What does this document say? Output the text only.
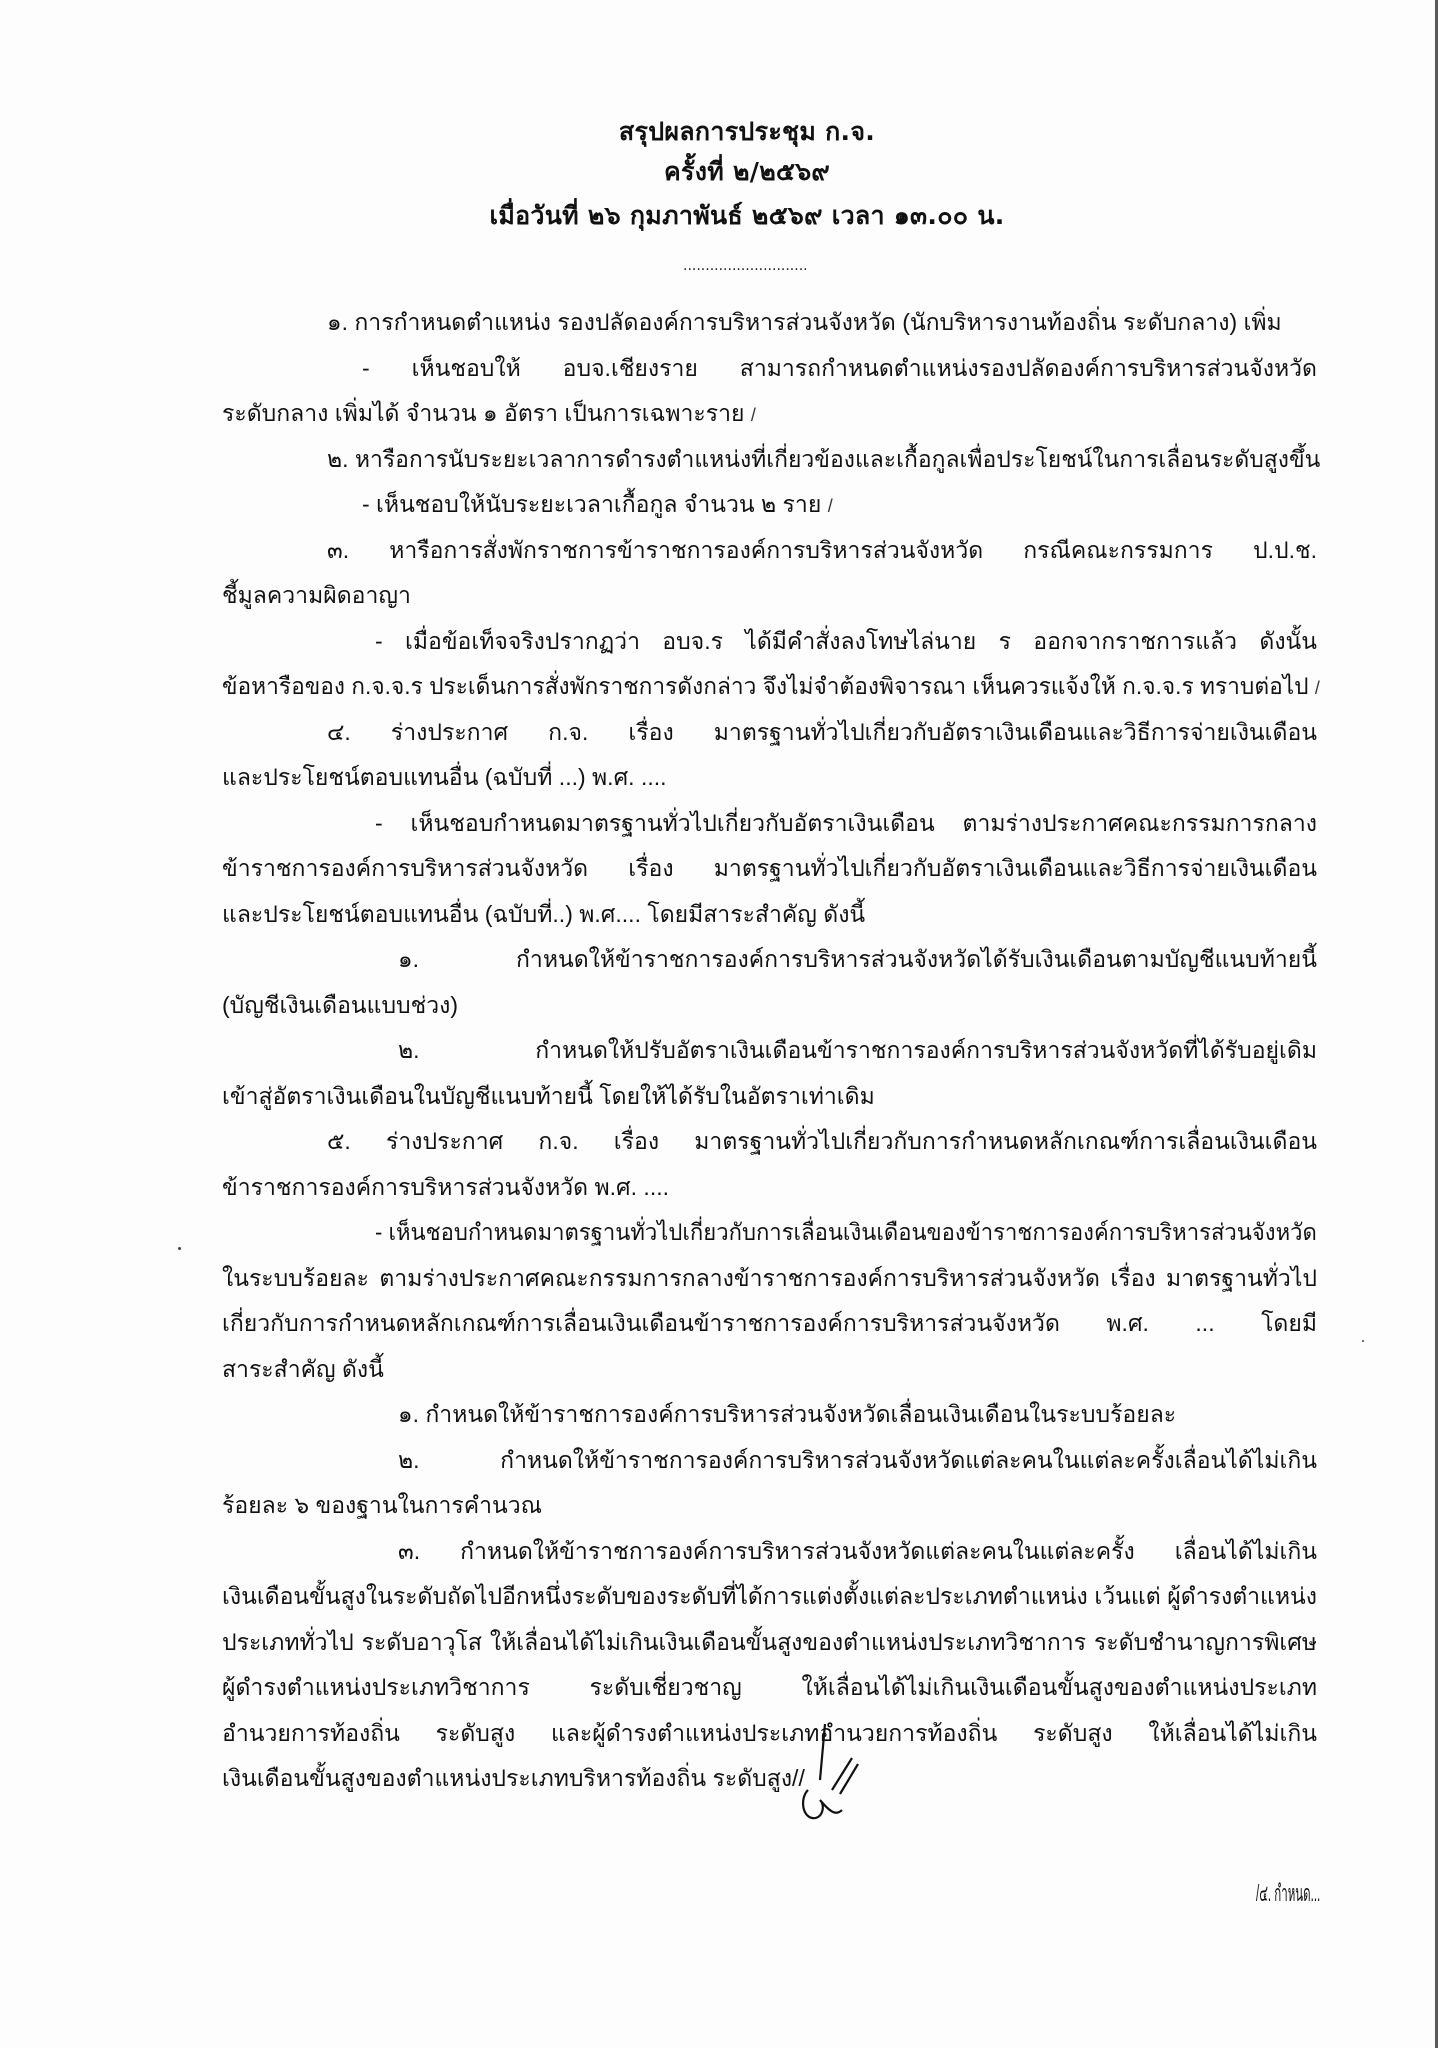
สรุปผลการประชุม ก.จ.
ครั้งที่ ๒/๒๕๖๙
เมื่อวันที่ ๒๖ กุมภาพันธ์ ๒๕๖๙ เวลา ๑๓.๐๐ น.
............................
๑. การกำหนดตำแหน่ง รองปลัดองค์การบริหารส่วนจังหวัด (นักบริหารงานท้องถิ่น ระดับกลาง) เพิ่ม
- เห็นชอบให้ อบจ.เชียงราย สามารถกำหนดตำแหน่งรองปลัดองค์การบริหารส่วนจังหวัด
ระดับกลาง เพิ่มได้ จำนวน ๑ อัตรา เป็นการเฉพาะราย /
๒. หารือการนับระยะเวลาการดำรงตำแหน่งที่เกี่ยวข้องและเกื้อกูลเพื่อประโยชน์ในการเลื่อนระดับสูงขึ้น
- เห็นชอบให้นับระยะเวลาเกื้อกูล จำนวน ๒ ราย /
๓. หารือการสั่งพักราชการข้าราชการองค์การบริหารส่วนจังหวัด กรณีคณะกรรมการ ป.ป.ช.
ชี้มูลความผิดอาญา
- เมื่อข้อเท็จจริงปรากฏว่า อบจ.ร ได้มีคำสั่งลงโทษไล่นาย ร ออกจากราชการแล้ว ดังนั้น
ข้อหารือของ ก.จ.จ.ร ประเด็นการสั่งพักราชการดังกล่าว จึงไม่จำต้องพิจารณา เห็นควรแจ้งให้ ก.จ.จ.ร ทราบต่อไป /
๔. ร่างประกาศ ก.จ. เรื่อง มาตรฐานทั่วไปเกี่ยวกับอัตราเงินเดือนและวิธีการจ่ายเงินเดือน
และประโยชน์ตอบแทนอื่น (ฉบับที่ ...) พ.ศ. ....
- เห็นชอบกำหนดมาตรฐานทั่วไปเกี่ยวกับอัตราเงินเดือน ตามร่างประกาศคณะกรรมการกลาง
ข้าราชการองค์การบริหารส่วนจังหวัด เรื่อง มาตรฐานทั่วไปเกี่ยวกับอัตราเงินเดือนและวิธีการจ่ายเงินเดือน
และประโยชน์ตอบแทนอื่น (ฉบับที่..) พ.ศ.... โดยมีสาระสำคัญ ดังนี้
๑. กำหนดให้ข้าราชการองค์การบริหารส่วนจังหวัดได้รับเงินเดือนตามบัญชีแนบท้ายนี้
(บัญชีเงินเดือนแบบช่วง)
๒. กำหนดให้ปรับอัตราเงินเดือนข้าราชการองค์การบริหารส่วนจังหวัดที่ได้รับอยู่เดิม
เข้าสู่อัตราเงินเดือนในบัญชีแนบท้ายนี้ โดยให้ได้รับในอัตราเท่าเดิม
๕. ร่างประกาศ ก.จ. เรื่อง มาตรฐานทั่วไปเกี่ยวกับการกำหนดหลักเกณฑ์การเลื่อนเงินเดือน
ข้าราชการองค์การบริหารส่วนจังหวัด พ.ศ. ....
- เห็นชอบกำหนดมาตรฐานทั่วไปเกี่ยวกับการเลื่อนเงินเดือนของข้าราชการองค์การบริหารส่วนจังหวัด
ในระบบร้อยละ ตามร่างประกาศคณะกรรมการกลางข้าราชการองค์การบริหารส่วนจังหวัด เรื่อง มาตรฐานทั่วไป
เกี่ยวกับการกำหนดหลักเกณฑ์การเลื่อนเงินเดือนข้าราชการองค์การบริหารส่วนจังหวัด พ.ศ. ... โดยมี
สาระสำคัญ ดังนี้
๑. กำหนดให้ข้าราชการองค์การบริหารส่วนจังหวัดเลื่อนเงินเดือนในระบบร้อยละ
๒. กำหนดให้ข้าราชการองค์การบริหารส่วนจังหวัดแต่ละคนในแต่ละครั้งเลื่อนได้ไม่เกิน
ร้อยละ ๖ ของฐานในการคำนวณ
๓. กำหนดให้ข้าราชการองค์การบริหารส่วนจังหวัดแต่ละคนในแต่ละครั้ง เลื่อนได้ไม่เกิน
เงินเดือนขั้นสูงในระดับถัดไปอีกหนึ่งระดับของระดับที่ได้การแต่งตั้งแต่ละประเภทตำแหน่ง เว้นแต่ ผู้ดำรงตำแหน่ง
ประเภททั่วไป ระดับอาวุโส ให้เลื่อนได้ไม่เกินเงินเดือนขั้นสูงของตำแหน่งประเภทวิชาการ ระดับชำนาญการพิเศษ
ผู้ดำรงตำแหน่งประเภทวิชาการ ระดับเชี่ยวชาญ ให้เลื่อนได้ไม่เกินเงินเดือนขั้นสูงของตำแหน่งประเภท
อำนวยการท้องถิ่น ระดับสูง และผู้ดำรงตำแหน่งประเภทอำนวยการท้องถิ่น ระดับสูง ให้เลื่อนได้ไม่เกิน
เงินเดือนขั้นสูงของตำแหน่งประเภทบริหารท้องถิ่น ระดับสูง//
/๔. กำหนด...
